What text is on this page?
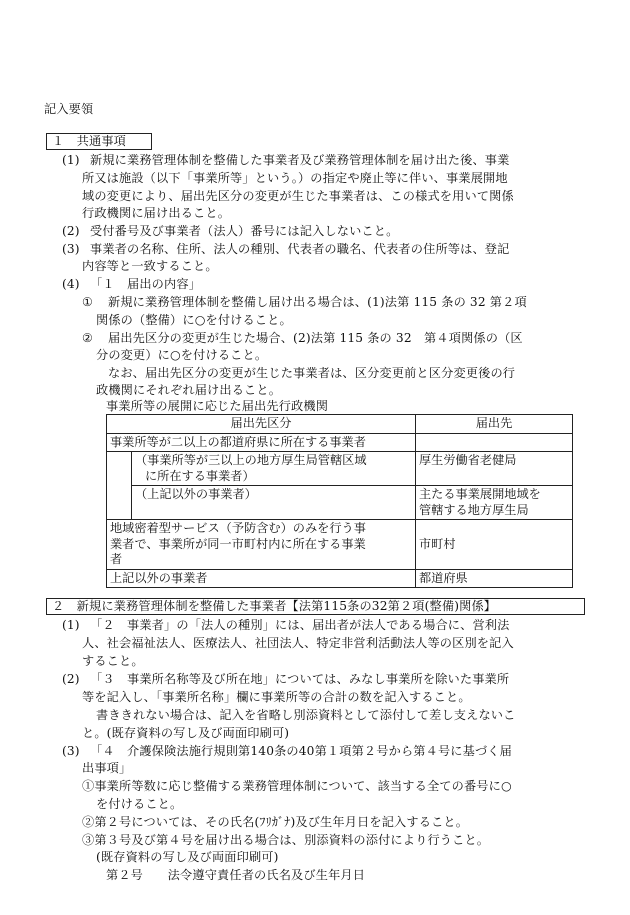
記入要領
１　共通事項
(1) 新規に業務管理体制を整備した事業者及び業務管理体制を届け出た後、事業
所又は施設（以下「事業所等」という。）の指定や廃止等に伴い、事業展開地
域の変更により、届出先区分の変更が生じた事業者は、この様式を用いて関係
行政機関に届け出ること。
(2) 受付番号及び事業者（法人）番号には記入しないこと。
(3) 事業者の名称、住所、法人の種別、代表者の職名、代表者の住所等は、登記
内容等と一致すること。
(4) 「１　届出の内容」
① 新規に業務管理体制を整備し届け出る場合は、(1)法第 115 条の 32 第２項
関係の（整備）に○を付けること。
② 届出先区分の変更が生じた場合、(2)法第 115 条の 32　第４項関係の（区
分の変更）に○を付けること。
なお、届出先区分の変更が生じた事業者は、区分変更前と区分変更後の行
政機関にそれぞれ届け出ること。
事業所等の展開に応じた届出先行政機関
届出先区分		届出先
事業所等が二以上の都道府県に所在する事業者		

	（事業所等が三以上の地方厚生局管轄区域
に所在する事業者）	厚生労働省老健局
	（上記以外の事業者）	主たる事業展開地域を
管轄する地方厚生局

地域密着型サービス（予防含む）のみを行う事
業者で、事業所が同一市町村内に所在する事業
者		市町村
上記以外の事業者		都道府県
２　新規に業務管理体制を整備した事業者【法第115条の32第２項(整備)関係】
(1) 「２　事業者」の「法人の種別」には、届出者が法人である場合に、営利法
人、社会福祉法人、医療法人、社団法人、特定非営利活動法人等の区別を記入
すること。
(2) 「３　事業所名称等及び所在地」については、みなし事業所を除いた事業所
等を記入し、「事業所名称」欄に事業所等の合計の数を記入すること。
書ききれない場合は、記入を省略し別添資料として添付して差し支えないこ
と。(既存資料の写し及び両面印刷可)
(3) 「４　介護保険法施行規則第140条の40第１項第２号から第４号に基づく届
出事項」
①事業所等数に応じ整備する業務管理体制について、該当する全ての番号に○
を付けること。
②第２号については、その氏名(ﾌﾘｶﾞﾅ)及び生年月日を記入すること。
③第３号及び第４号を届け出る場合は、別添資料の添付により行うこと。
(既存資料の写し及び両面印刷可)
第２号　　法令遵守責任者の氏名及び生年月日
